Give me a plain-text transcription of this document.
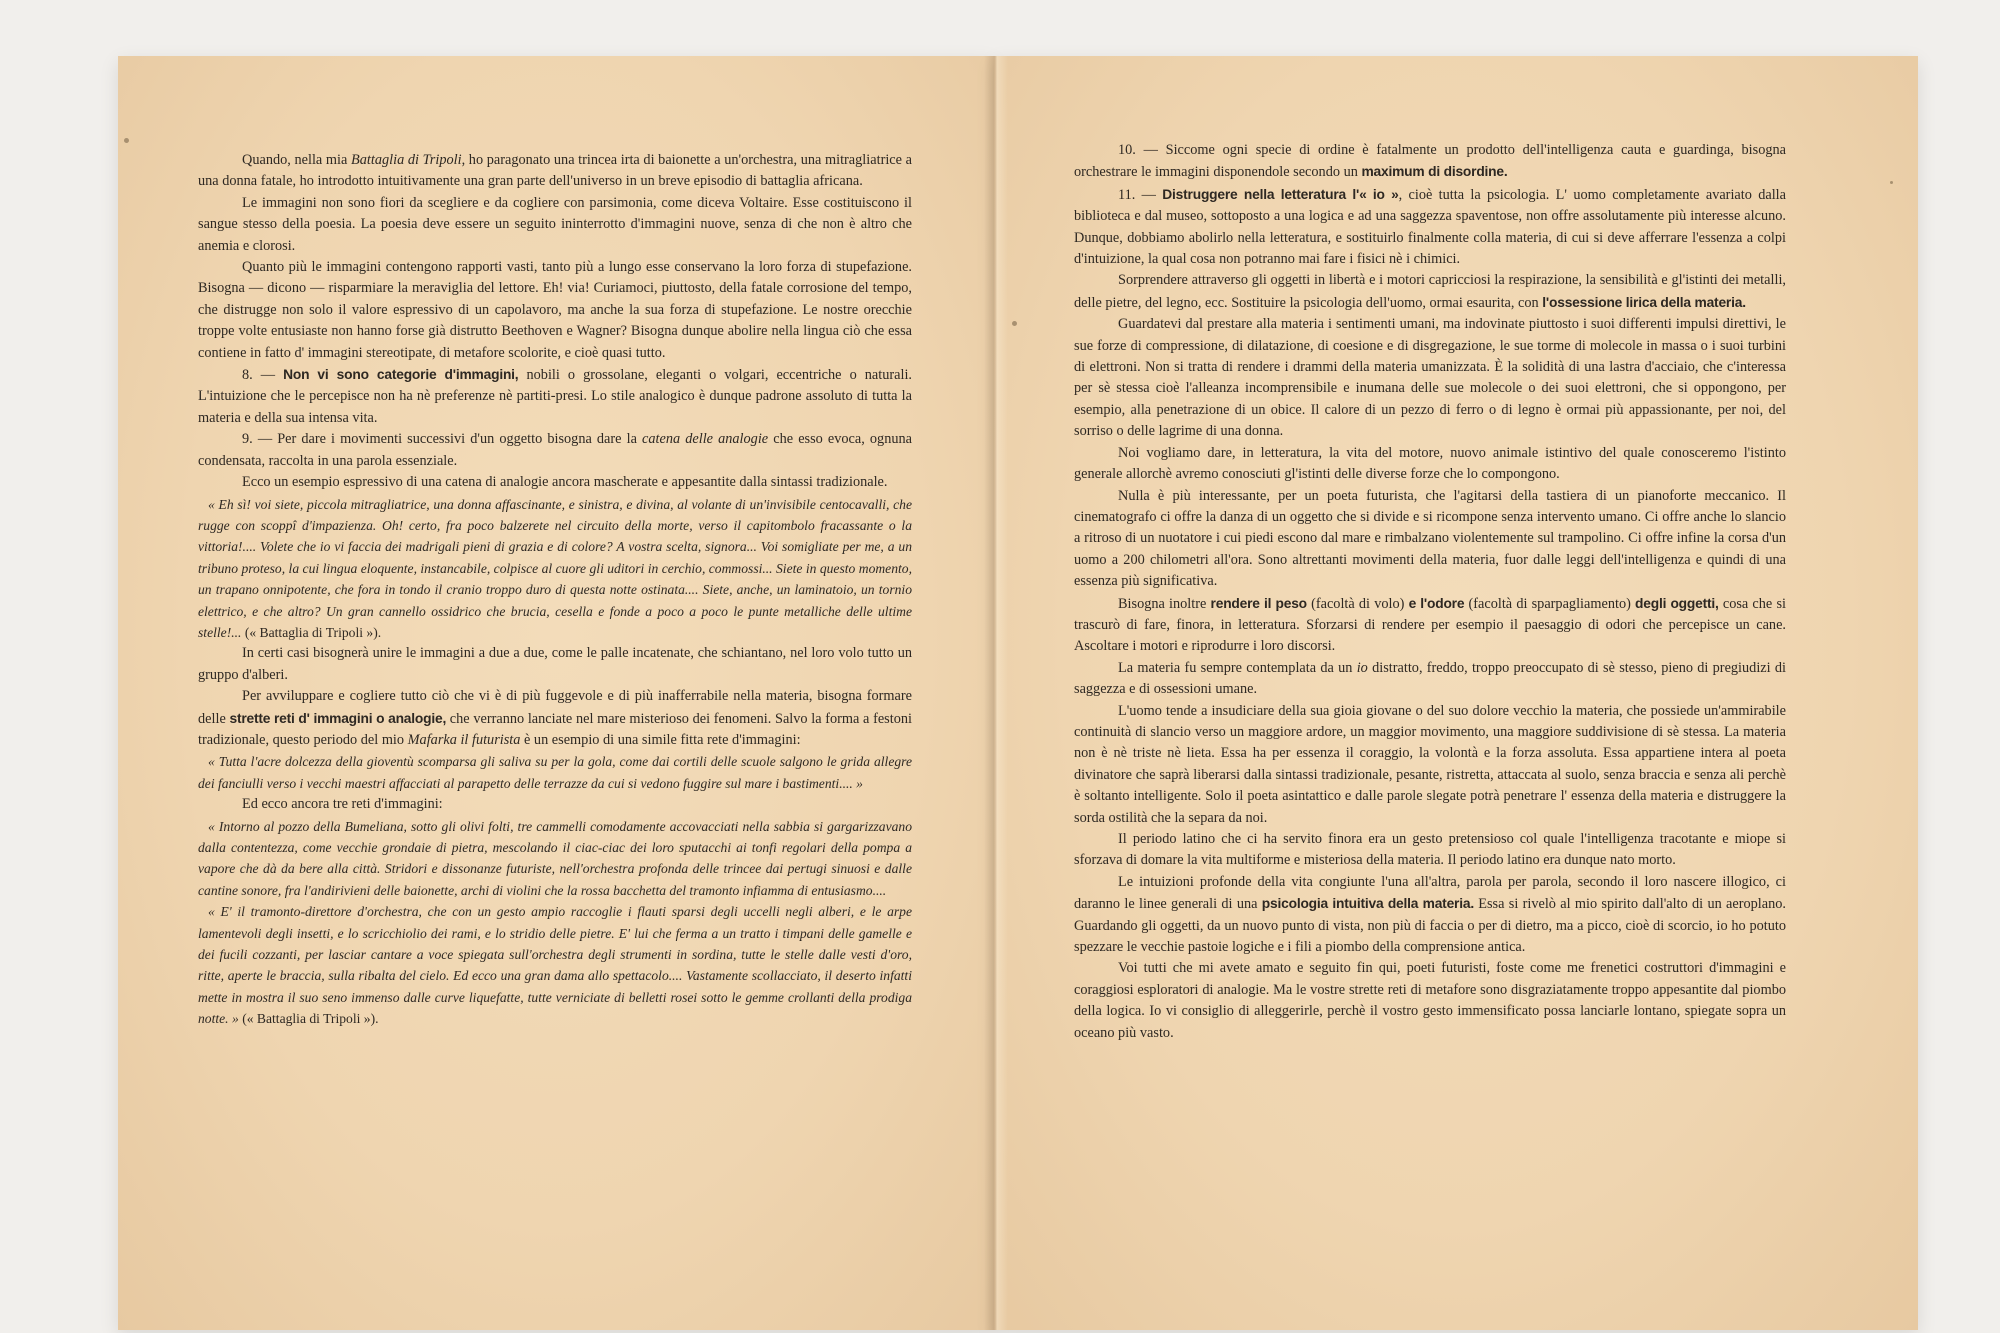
Quando, nella mia Battaglia di Tripoli, ho paragonato una trincea irta di baionette a un'orchestra, una mitragliatrice a una donna fatale, ho introdotto intuitivamente una gran parte dell'universo in un breve episodio di battaglia africana.

Le immagini non sono fiori da scegliere e da cogliere con parsimonia, come diceva Voltaire. Esse costituiscono il sangue stesso della poesia. La poesia deve essere un seguito ininterrotto d'immagini nuove, senza di che non è altro che anemia e clorosi.

Quanto più le immagini contengono rapporti vasti, tanto più a lungo esse conservano la loro forza di stupefazione. Bisogna — dicono — risparmiare la meraviglia del lettore. Eh! via! Curiamoci, piuttosto, della fatale corrosione del tempo, che distrugge non solo il valore espressivo di un capolavoro, ma anche la sua forza di stupefazione. Le nostre orecchie troppe volte entusiaste non hanno forse già distrutto Beethoven e Wagner? Bisogna dunque abolire nella lingua ciò che essa contiene in fatto d' immagini stereotipate, di metafore scolorite, e cioè quasi tutto.

8. — Non vi sono categorie d'immagini, nobili o grossolane, eleganti o volgari, eccentriche o naturali. L'intuizione che le percepisce non ha nè preferenze nè partiti-presi. Lo stile analogico è dunque padrone assoluto di tutta la materia e della sua intensa vita.

9. — Per dare i movimenti successivi d'un oggetto bisogna dare la catena delle analogie che esso evoca, ognuna condensata, raccolta in una parola essenziale.

Ecco un esempio espressivo di una catena di analogie ancora mascherate e appesantite dalla sintassi tradizionale.

« Eh sì! voi siete, piccola mitragliatrice, una donna affascinante, e sinistra, e divina, al volante di un'invisibile centocavalli, che rugge con scoppî d'impazienza. Oh! certo, fra poco balzerete nel circuito della morte, verso il capitombolo fracassante o la vittoria!.... Volete che io vi faccia dei madrigali pieni di grazia e di colore? A vostra scelta, signora... Voi somigliate per me, a un tribuno proteso, la cui lingua eloquente, instancabile, colpisce al cuore gli uditori in cerchio, commossi... Siete in questo momento, un trapano onnipotente, che fora in tondo il cranio troppo duro di questa notte ostinata.... Siete, anche, un laminatoio, un tornio elettrico, e che altro? Un gran cannello ossidrico che brucia, cesella e fonde a poco a poco le punte metalliche delle ultime stelle!... (« Battaglia di Tripoli »).

In certi casi bisognerà unire le immagini a due a due, come le palle incatenate, che schiantano, nel loro volo tutto un gruppo d'alberi.

Per avviluppare e cogliere tutto ciò che vi è di più fuggevole e di più inafferrabile nella materia, bisogna formare delle strette reti d' immagini o analogie, che verranno lanciate nel mare misterioso dei fenomeni. Salvo la forma a festoni tradizionale, questo periodo del mio Mafarka il futurista è un esempio di una simile fitta rete d'immagini:

« Tutta l'acre dolcezza della gioventù scomparsa gli saliva su per la gola, come dai cortili delle scuole salgono le grida allegre dei fanciulli verso i vecchi maestri affacciati al parapetto delle terrazze da cui si vedono fuggire sul mare i bastimenti.... »

Ed ecco ancora tre reti d'immagini:

« Intorno al pozzo della Bumeliana, sotto gli olivi folti, tre cammelli comodamente accovacciati nella sabbia si gargarizzavano dalla contentezza, come vecchie grondaie di pietra, mescolando il ciac-ciac dei loro sputacchi ai tonfi regolari della pompa a vapore che dà da bere alla città. Stridori e dissonanze futuriste, nell'orchestra profonda delle trincee dai pertugi sinuosi e dalle cantine sonore, fra l'andirivieni delle baionette, archi di violini che la rossa bacchetta del tramonto infiamma di entusiasmo....

« E' il tramonto-direttore d'orchestra, che con un gesto ampio raccoglie i flauti sparsi degli uccelli negli alberi, e le arpe lamentevoli degli insetti, e lo scricchiolio dei rami, e lo stridio delle pietre. E' lui che ferma a un tratto i timpani delle gamelle e dei fucili cozzanti, per lasciar cantare a voce spiegata sull'orchestra degli strumenti in sordina, tutte le stelle dalle vesti d'oro, ritte, aperte le braccia, sulla ribalta del cielo. Ed ecco una gran dama allo spettacolo.... Vastamente scollacciato, il deserto infatti mette in mostra il suo seno immenso dalle curve liquefatte, tutte verniciate di belletti rosei sotto le gemme crollanti della prodiga notte. » (« Battaglia di Tripoli »).

10. — Siccome ogni specie di ordine è fatalmente un prodotto dell'intelligenza cauta e guardinga, bisogna orchestrare le immagini disponendole secondo un maximum di disordine.

11. — Distruggere nella letteratura l'« io », cioè tutta la psicologia. L' uomo completamente avariato dalla biblioteca e dal museo, sottoposto a una logica e ad una saggezza spaventose, non offre assolutamente più interesse alcuno. Dunque, dobbiamo abolirlo nella letteratura, e sostituirlo finalmente colla materia, di cui si deve afferrare l'essenza a colpi d'intuizione, la qual cosa non potranno mai fare i fisici nè i chimici.

Sorprendere attraverso gli oggetti in libertà e i motori capricciosi la respirazione, la sensibilità e gl'istinti dei metalli, delle pietre, del legno, ecc. Sostituire la psicologia dell'uomo, ormai esaurita, con l'ossessione lirica della materia.

Guardatevi dal prestare alla materia i sentimenti umani, ma indovinate piuttosto i suoi differenti impulsi direttivi, le sue forze di compressione, di dilatazione, di coesione e di disgregazione, le sue torme di molecole in massa o i suoi turbini di elettroni. Non si tratta di rendere i drammi della materia umanizzata. È la solidità di una lastra d'acciaio, che c'interessa per sè stessa cioè l'alleanza incomprensibile e inumana delle sue molecole o dei suoi elettroni, che si oppongono, per esempio, alla penetrazione di un obice. Il calore di un pezzo di ferro o di legno è ormai più appassionante, per noi, del sorriso o delle lagrime di una donna.

Noi vogliamo dare, in letteratura, la vita del motore, nuovo animale istintivo del quale conosceremo l'istinto generale allorchè avremo conosciuti gl'istinti delle diverse forze che lo compongono.

Nulla è più interessante, per un poeta futurista, che l'agitarsi della tastiera di un pianoforte meccanico. Il cinematografo ci offre la danza di un oggetto che si divide e si ricompone senza intervento umano. Ci offre anche lo slancio a ritroso di un nuotatore i cui piedi escono dal mare e rimbalzano violentemente sul trampolino. Ci offre infine la corsa d'un uomo a 200 chilometri all'ora. Sono altrettanti movimenti della materia, fuor dalle leggi dell'intelligenza e quindi di una essenza più significativa.

Bisogna inoltre rendere il peso (facoltà di volo) e l'odore (facoltà di sparpagliamento) degli oggetti, cosa che si trascurò di fare, finora, in letteratura. Sforzarsi di rendere per esempio il paesaggio di odori che percepisce un cane. Ascoltare i motori e riprodurre i loro discorsi.

La materia fu sempre contemplata da un io distratto, freddo, troppo preoccupato di sè stesso, pieno di pregiudizi di saggezza e di ossessioni umane.

L'uomo tende a insudiciare della sua gioia giovane o del suo dolore vecchio la materia, che possiede un'ammirabile continuità di slancio verso un maggiore ardore, un maggior movimento, una maggiore suddivisione di sè stessa. La materia non è nè triste nè lieta. Essa ha per essenza il coraggio, la volontà e la forza assoluta. Essa appartiene intera al poeta divinatore che saprà liberarsi dalla sintassi tradizionale, pesante, ristretta, attaccata al suolo, senza braccia e senza ali perchè è soltanto intelligente. Solo il poeta asintattico e dalle parole slegate potrà penetrare l' essenza della materia e distruggere la sorda ostilità che la separa da noi.

Il periodo latino che ci ha servito finora era un gesto pretensioso col quale l'intelligenza tracotante e miope si sforzava di domare la vita multiforme e misteriosa della materia. Il periodo latino era dunque nato morto.

Le intuizioni profonde della vita congiunte l'una all'altra, parola per parola, secondo il loro nascere illogico, ci daranno le linee generali di una psicologia intuitiva della materia. Essa si rivelò al mio spirito dall'alto di un aeroplano. Guardando gli oggetti, da un nuovo punto di vista, non più di faccia o per di dietro, ma a picco, cioè di scorcio, io ho potuto spezzare le vecchie pastoie logiche e i fili a piombo della comprensione antica.

Voi tutti che mi avete amato e seguito fin qui, poeti futuristi, foste come me frenetici costruttori d'immagini e coraggiosi esploratori di analogie. Ma le vostre strette reti di metafore sono disgraziatamente troppo appesantite dal piombo della logica. Io vi consiglio di alleggerirle, perchè il vostro gesto immensificato possa lanciarle lontano, spiegate sopra un oceano più vasto.
